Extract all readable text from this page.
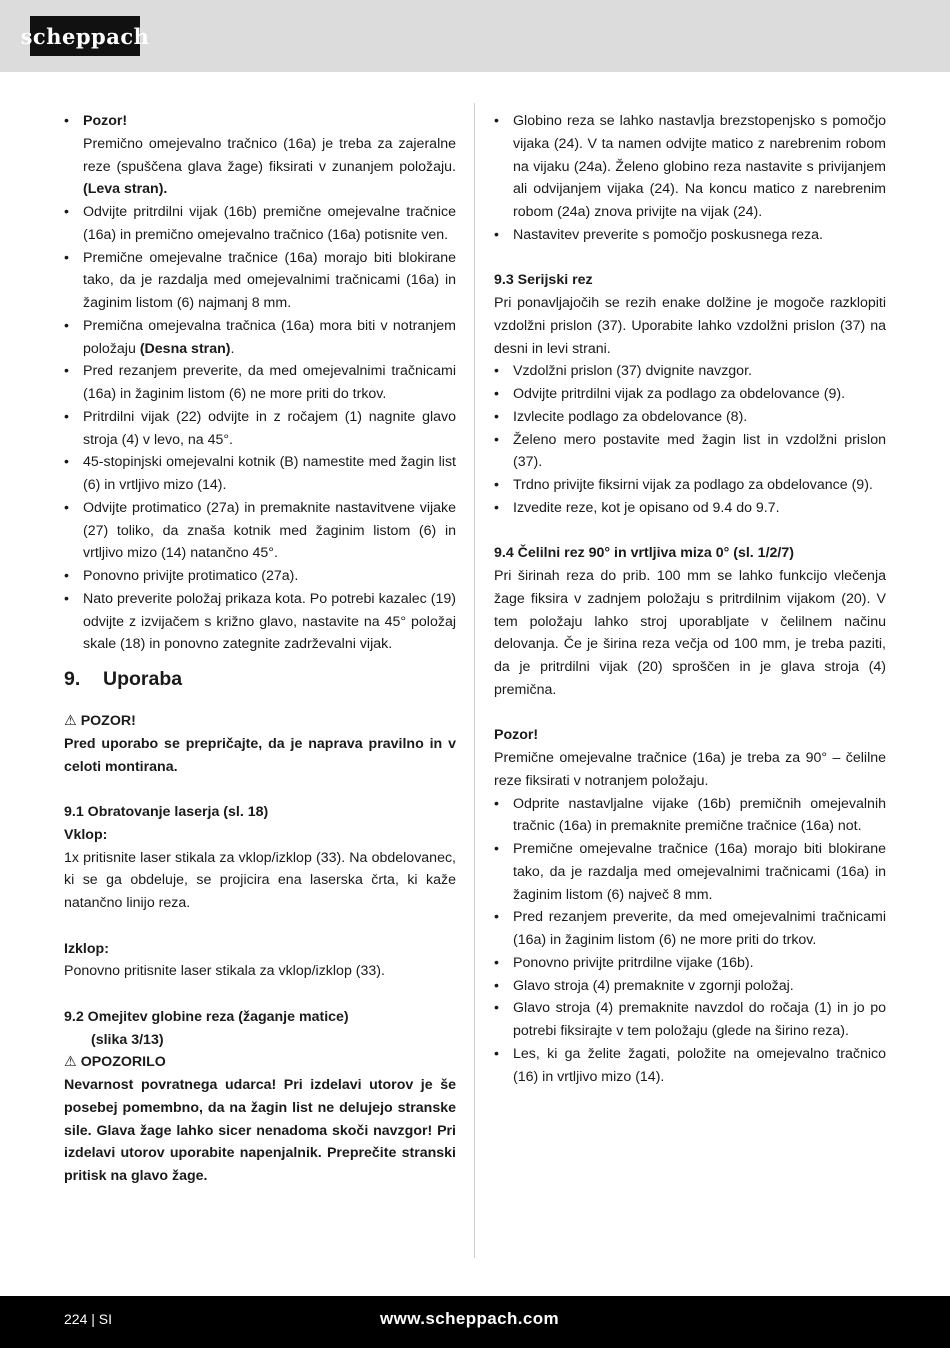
scheppach
• Pozor!
Premično omejevalno tračnico (16a) je treba za zajeralne reze (spuščena glava žage) fiksirati v zunanjem položaju. (Leva stran).
• Odvijte pritrdilni vijak (16b) premične omejevalne tračnice (16a) in premično omejevalno tračnico (16a) potisnite ven.
• Premične omejevalne tračnice (16a) morajo biti blokirane tako, da je razdalja med omejevalnimi tračnicami (16a) in žaginim listom (6) najmanj 8 mm.
• Premična omejevalna tračnica (16a) mora biti v notranjem položaju (Desna stran).
• Pred rezanjem preverite, da med omejevalnimi tračnicami (16a) in žaginim listom (6) ne more priti do trkov.
• Pritrdilni vijak (22) odvijte in z ročajem (1) nagnite glavo stroja (4) v levo, na 45°.
• 45-stopinjski omejevalni kotnik (B) namestite med žagin list (6) in vrtljivo mizo (14).
• Odvijte protimatico (27a) in premaknite nastavitvene vijake (27) toliko, da znaša kotnik med žaginim listom (6) in vrtljivo mizo (14) natančno 45°.
• Ponovno privijte protimatico (27a).
• Nato preverite položaj prikaza kota. Po potrebi kazalec (19) odvijte z izvijačem s križno glavo, nastavite na 45° položaj skale (18) in ponovno zategnite zadrževalni vijak.
9. Uporaba

⚠ POZOR!

Pred uporabo se prepričajte, da je naprava pravilno in v celoti montirana.

9.1 Obratovanje laserja (sl. 18)

Vklop:

1x pritisnite laser stikala za vklop/izklop (33). Na obdelovanec, ki se ga obdeluje, se projicira ena laserska črta, ki kaže natančno linijo reza.

Izklop:

Ponovno pritisnite laser stikala za vklop/izklop (33).

9.2 Omejitev globine reza (žaganje matice)

(slika 3/13)

⚠ OPOZORILO

Nevarnost povratnega udarca! Pri izdelavi utorov je še posebej pomembno, da na žagin list ne delujejo stranske sile. Glava žage lahko sicer nenadoma skoči navzgor! Pri izdelavi utorov uporabite napenjalnik. Preprečite stranski pritisk na glavo žage.

• Globino reza se lahko nastavlja brezstopenjsko s pomočjo vijaka (24). V ta namen odvijte matico z narebrenim robom na vijaku (24a). Želeno globino reza nastavite s privijanjem ali odvijanjem vijaka (24). Na koncu matico z narebrenim robom (24a) znova privijte na vijak (24).
• Nastavitev preverite s pomočjo poskusnega reza.

9.3 Serijski rez

Pri ponavljajočih se rezih enake dolžine je mogoče razklopiti vzdolžni prislon (37). Uporabite lahko vzdolžni prislon (37) na desni in levi strani.

• Vzdolžni prislon (37) dvignite navzgor.
• Odvijte pritrdilni vijak za podlago za obdelovance (9).
• Izvlecite podlago za obdelovance (8).
• Želeno mero postavite med žagin list in vzdolžni prislon (37).
• Trdno privijte fiksirni vijak za podlago za obdelovance (9).
• Izvedite reze, kot je opisano od 9.4 do 9.7.

9.4 Čelilni rez 90° in vrtljiva miza 0° (sl. 1/2/7)

Pri širinah reza do prib. 100 mm se lahko funkcijo vlečenja žage fiksira v zadnjem položaju s pritrdilnim vijakom (20). V tem položaju lahko stroj uporabljate v čelilnem načinu delovanja. Če je širina reza večja od 100 mm, je treba paziti, da je pritrdilni vijak (20) sproščen in je glava stroja (4) premična.

Pozor!

Premične omejevalne tračnice (16a) je treba za 90° – čelilne reze fiksirati v notranjem položaju.

• Odprite nastavljalne vijake (16b) premičnih omejevalnih tračnic (16a) in premaknite premične tračnice (16a) not.
• Premične omejevalne tračnice (16a) morajo biti blokirane tako, da je razdalja med omejevalnimi tračnicami (16a) in žaginim listom (6) največ 8 mm.
• Pred rezanjem preverite, da med omejevalnimi tračnicami (16a) in žaginim listom (6) ne more priti do trkov.
• Ponovno privijte pritrdilne vijake (16b).
• Glavo stroja (4) premaknite v zgornji položaj.
• Glavo stroja (4) premaknite navzdol do ročaja (1) in jo po potrebi fiksirajte v tem položaju (glede na širino reza).
• Les, ki ga želite žagati, položite na omejevalno tračnico (16) in vrtljivo mizo (14).
224 | SI	www.scheppach.com
